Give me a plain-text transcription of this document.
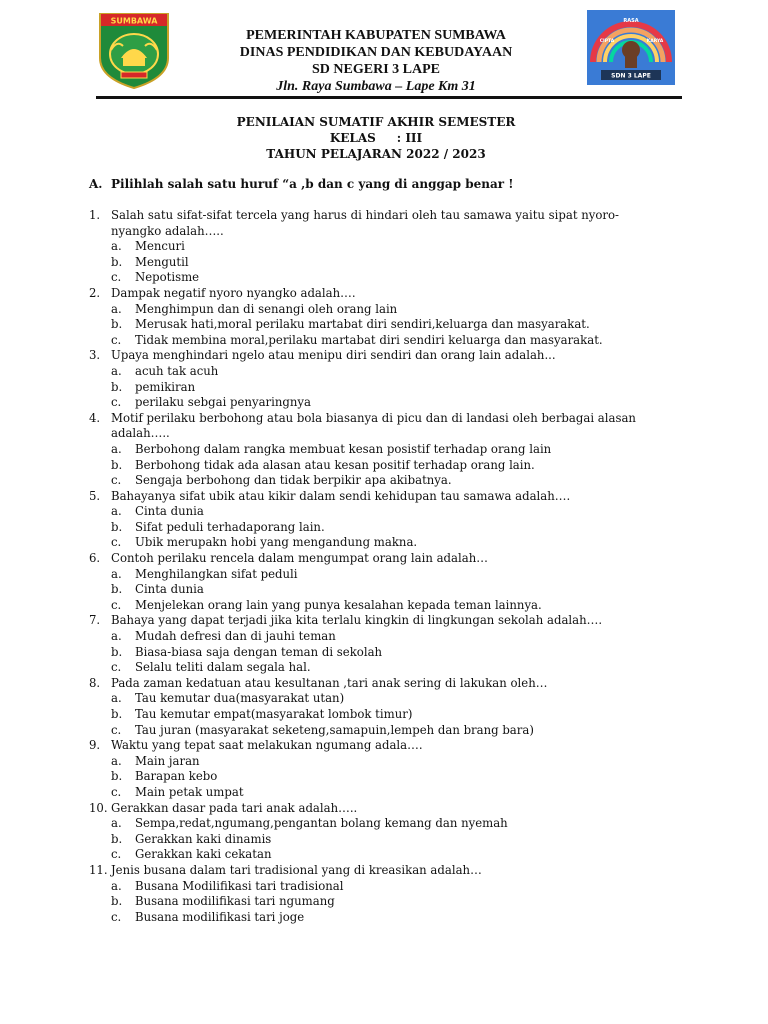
SUMBAWA
PEMERINTAH KABUPATEN SUMBAWA
DINAS PENDIDIKAN DAN KEBUDAYAAN
SD NEGERI 3 LAPE
Jln. Raya Sumbawa – Lape Km 31
RASA
CIPTA	KARYA
SDN 3 LAPE
PENILAIAN SUMATIF AKHIR SEMESTER
KELAS     : III
TAHUN PELAJARAN 2022 / 2023
A. Pilihlah salah satu huruf “a ,b dan c yang di anggap benar !
1. Salah satu sifat-sifat tercela yang harus di hindari oleh tau samawa yaitu sipat nyoro-
nyangko adalah…..
a. Mencuri
b. Mengutil
c. Nepotisme
2. Dampak negatif nyoro nyangko adalah….
a. Menghimpun dan di senangi oleh orang lain
b. Merusak hati,moral perilaku martabat diri sendiri,keluarga dan masyarakat.
c. Tidak membina moral,perilaku martabat diri sendiri keluarga dan masyarakat.
3. Upaya menghindari ngelo atau menipu diri sendiri dan orang lain adalah...
a. acuh tak acuh
b. pemikiran
c. perilaku sebgai penyaringnya
4. Motif perilaku berbohong atau bola biasanya di picu dan di landasi oleh berbagai alasan
adalah…..
a. Berbohong dalam rangka membuat kesan posistif terhadap orang lain
b. Berbohong tidak ada alasan atau kesan positif terhadap orang lain.
c. Sengaja berbohong dan tidak berpikir apa akibatnya.
5. Bahayanya sifat ubik atau kikir dalam sendi kehidupan tau samawa adalah….
a. Cinta dunia
b. Sifat peduli terhadaporang lain.
c. Ubik merupakn hobi yang mengandung makna.
6. Contoh perilaku rencela dalam mengumpat orang lain adalah…
a. Menghilangkan sifat peduli
b. Cinta dunia
c. Menjelekan orang lain yang punya kesalahan kepada teman lainnya.
7. Bahaya yang dapat terjadi jika kita terlalu kingkin di lingkungan sekolah adalah….
a. Mudah defresi dan di jauhi teman
b. Biasa-biasa saja dengan teman di sekolah
c. Selalu teliti dalam segala hal.
8. Pada zaman kedatuan atau kesultanan ,tari anak sering di lakukan oleh…
a. Tau kemutar dua(masyarakat utan)
b. Tau kemutar empat(masyarakat lombok timur)
c. Tau juran (masyarakat seketeng,samapuin,lempeh dan brang bara)
9. Waktu yang tepat saat melakukan ngumang adala….
a. Main jaran
b. Barapan kebo
c. Main petak umpat
10. Gerakkan dasar pada tari anak adalah…..
a. Sempa,redat,ngumang,pengantan bolang kemang dan nyemah
b. Gerakkan kaki dinamis
c. Gerakkan kaki cekatan
11. Jenis busana dalam tari tradisional yang di kreasikan adalah…
a. Busana Modilifikasi tari tradisional
b. Busana modilifikasi tari ngumang
c. Busana modilifikasi tari joge
